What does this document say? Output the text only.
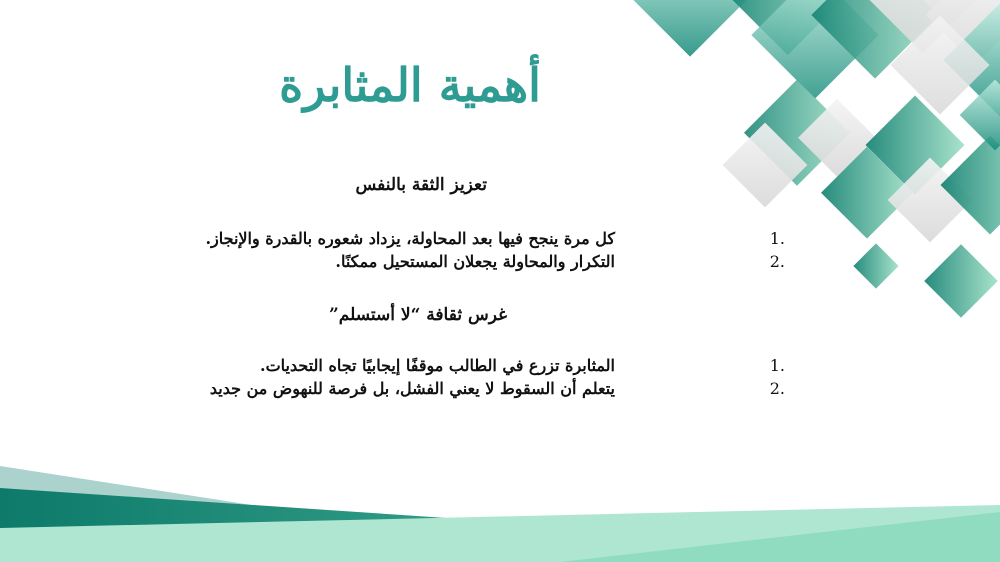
أهمية المثابرة
تعزيز الثقة بالنفس
1.
كل مرة ينجح فيها بعد المحاولة، يزداد شعوره بالقدرة والإنجاز.
2.
التكرار والمحاولة يجعلان المستحيل ممكنًا.
غرس ثقافة “لا أستسلم”
1.
المثابرة تزرع في الطالب موقفًا إيجابيًا تجاه التحديات.
2.
يتعلم أن السقوط لا يعني الفشل، بل فرصة للنهوض من جديد
